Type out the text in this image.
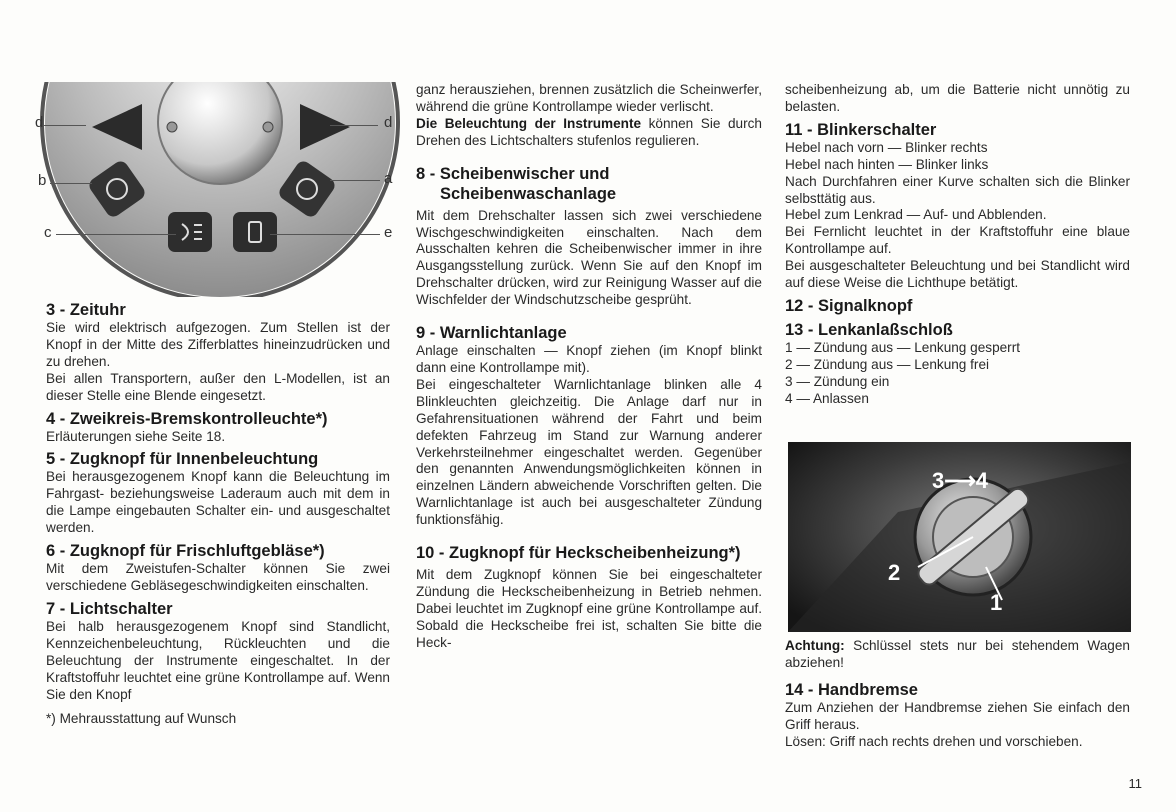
d
b
c
d
a
e
3 - Zeituhr

Sie wird elektrisch aufgezogen. Zum Stellen ist der Knopf in der Mitte des Zifferblattes hineinzudrücken und zu drehen.

Bei allen Transportern, außer den L-Modellen, ist an dieser Stelle eine Blende eingesetzt.

4 - Zweikreis-Bremskontrolleuchte*)

Erläuterungen siehe Seite 18.

5 - Zugknopf für Innenbeleuchtung

Bei herausgezogenem Knopf kann die Beleuchtung im Fahrgast- beziehungsweise Laderaum auch mit dem in die Lampe eingebauten Schalter ein- und ausgeschaltet werden.

6 - Zugknopf für Frischluftgebläse*)

Mit dem Zweistufen-Schalter können Sie zwei verschiedene Gebläsegeschwindigkeiten einschalten.

7 - Lichtschalter

Bei halb herausgezogenem Knopf sind Standlicht, Kennzeichenbeleuchtung, Rückleuchten und die Beleuchtung der Instrumente eingeschaltet. In der Kraftstoffuhr leuchtet eine grüne Kontrollampe auf. Wenn Sie den Knopf

*) Mehrausstattung auf Wunsch

ganz herausziehen, brennen zusätzlich die Scheinwerfer, während die grüne Kontrollampe wieder verlischt.

Die Beleuchtung der Instrumente können Sie durch Drehen des Lichtschalters stufenlos regulieren.

8 - Scheibenwischer und Scheibenwaschanlage

Mit dem Drehschalter lassen sich zwei verschiedene Wischgeschwindigkeiten einschalten. Nach dem Ausschalten kehren die Scheibenwischer immer in ihre Ausgangsstellung zurück. Wenn Sie auf den Knopf im Drehschalter drücken, wird zur Reinigung Wasser auf die Wischfelder der Windschutzscheibe gesprüht.

9 - Warnlichtanlage

Anlage einschalten — Knopf ziehen (im Knopf blinkt dann eine Kontrollampe mit).

Bei eingeschalteter Warnlichtanlage blinken alle 4 Blinkleuchten gleichzeitig. Die Anlage darf nur in Gefahrensituationen während der Fahrt und beim defekten Fahrzeug im Stand zur Warnung anderer Verkehrsteilnehmer eingeschaltet werden. Gegenüber den genannten Anwendungsmöglichkeiten können in einzelnen Ländern abweichende Vorschriften gelten. Die Warnlichtanlage ist auch bei ausgeschalteter Zündung funktionsfähig.

10 - Zugknopf für Heckscheibenheizung*)

Mit dem Zugknopf können Sie bei eingeschalteter Zündung die Heckscheibenheizung in Betrieb nehmen. Dabei leuchtet im Zugknopf eine grüne Kontrollampe auf. Sobald die Heckscheibe frei ist, schalten Sie bitte die Heck-

scheibenheizung ab, um die Batterie nicht unnötig zu belasten.

11 - Blinkerschalter

Hebel nach vorn — Blinker rechts

Hebel nach hinten — Blinker links

Nach Durchfahren einer Kurve schalten sich die Blinker selbsttätig aus.

Hebel zum Lenkrad — Auf- und Abblenden.

Bei Fernlicht leuchtet in der Kraftstoffuhr eine blaue Kontrollampe auf.

Bei ausgeschalteter Beleuchtung und bei Standlicht wird auf diese Weise die Lichthupe betätigt.

12 - Signalknopf
13 - Lenkanlaßschloß

1 — Zündung aus — Lenkung gesperrt

2 — Zündung aus — Lenkung frei

3 — Zündung ein

4 — Anlassen

3⟶4
2
1

Achtung: Schlüssel stets nur bei stehendem Wagen abziehen!

14 - Handbremse

Zum Anziehen der Handbremse ziehen Sie einfach den Griff heraus.

Lösen: Griff nach rechts drehen und vorschieben.

11
